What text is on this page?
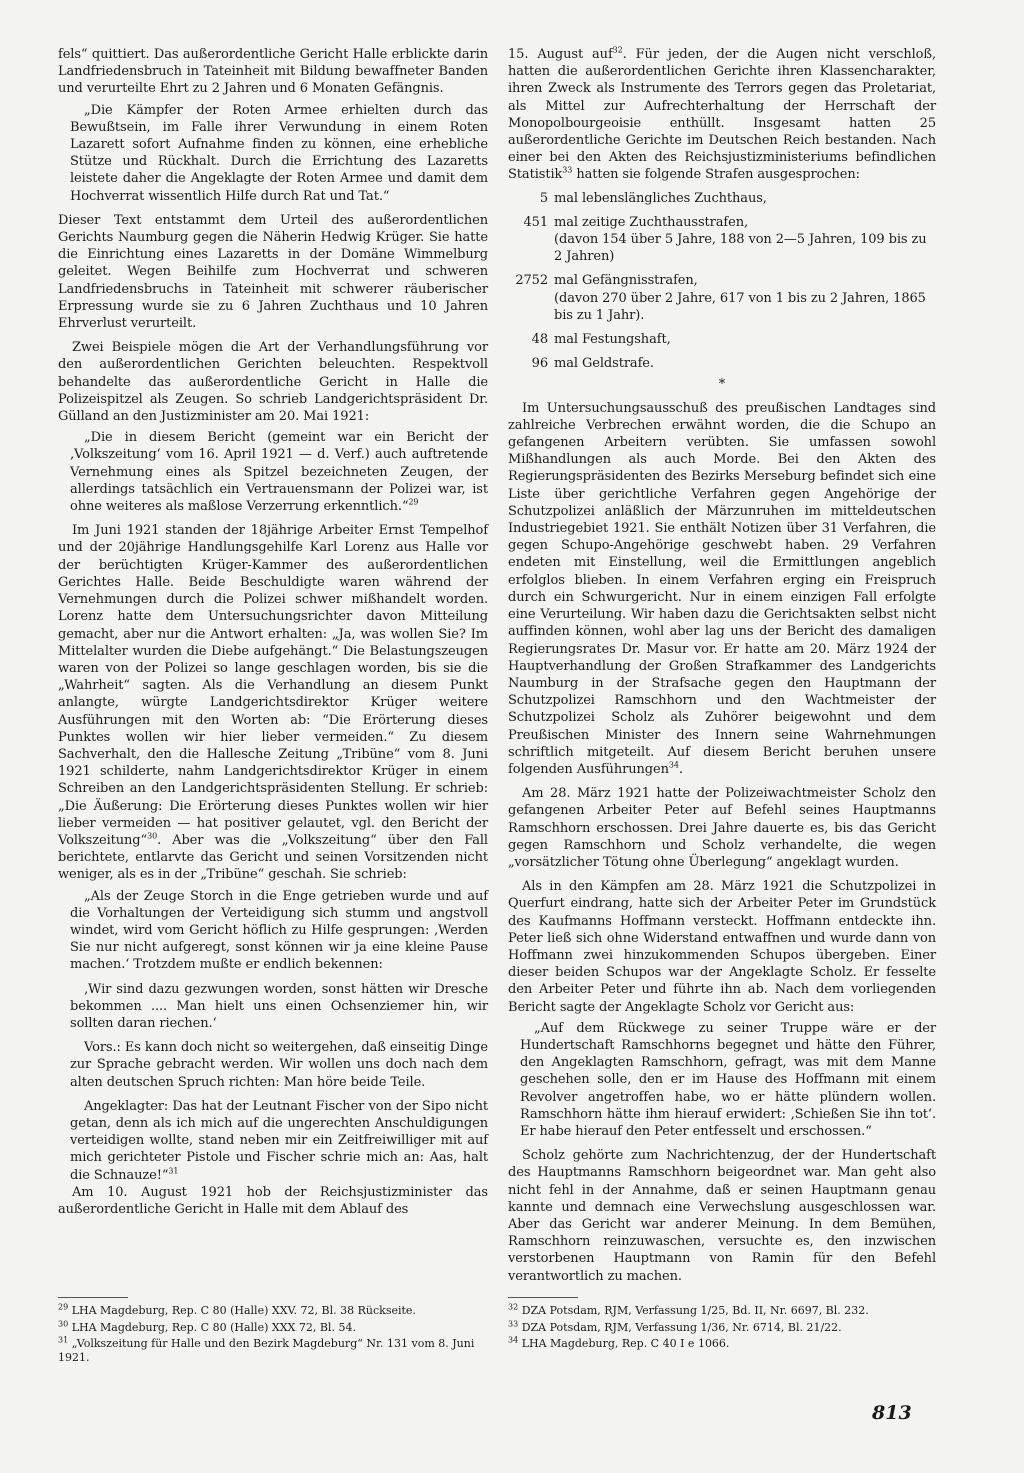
fels“ quittiert. Das außerordentliche Gericht Halle erblickte darin Landfriedensbruch in Tateinheit mit Bildung bewaffneter Banden und verurteilte Ehrt zu 2 Jahren und 6 Monaten Gefängnis.

„Die Kämpfer der Roten Armee erhielten durch das Bewußtsein, im Falle ihrer Verwundung in einem Roten Lazarett sofort Aufnahme finden zu können, eine erhebliche Stütze und Rückhalt. Durch die Errichtung des Lazaretts leistete daher die Angeklagte der Roten Armee und damit dem Hochverrat wissentlich Hilfe durch Rat und Tat.“

Dieser Text entstammt dem Urteil des außerordentlichen Gerichts Naumburg gegen die Näherin Hedwig Krüger. Sie hatte die Einrichtung eines Lazaretts in der Domäne Wimmelburg geleitet. Wegen Beihilfe zum Hochverrat und schweren Landfriedensbruchs in Tateinheit mit schwerer räuberischer Erpressung wurde sie zu 6 Jahren Zuchthaus und 10 Jahren Ehrverlust verurteilt.

Zwei Beispiele mögen die Art der Verhandlungsführung vor den außerordentlichen Gerichten beleuchten. Respektvoll behandelte das außerordentliche Gericht in Halle die Polizeispitzel als Zeugen. So schrieb Landgerichtspräsident Dr. Gülland an den Justizminister am 20. Mai 1921:

„Die in diesem Bericht (gemeint war ein Bericht der ‚Volkszeitung‘ vom 16. April 1921 — d. Verf.) auch auftretende Vernehmung eines als Spitzel bezeichneten Zeugen, der allerdings tatsächlich ein Vertrauensmann der Polizei war, ist ohne weiteres als maßlose Verzerrung erkenntlich.“$^{29}$

Im Juni 1921 standen der 18jährige Arbeiter Ernst Tempelhof und der 20jährige Handlungsgehilfe Karl Lorenz aus Halle vor der berüchtigten Krüger-Kammer des außerordentlichen Gerichtes Halle. Beide Beschuldigte waren während der Vernehmungen durch die Polizei schwer mißhandelt worden. Lorenz hatte dem Untersuchungsrichter davon Mitteilung gemacht, aber nur die Antwort erhalten: „Ja, was wollen Sie? Im Mittelalter wurden die Diebe aufgehängt.“ Die Belastungszeugen waren von der Polizei so lange geschlagen worden, bis sie die „Wahrheit“ sagten. Als die Verhandlung an diesem Punkt anlangte, würgte Landgerichtsdirektor Krüger weitere Ausführungen mit den Worten ab: “Die Erörterung dieses Punktes wollen wir hier lieber vermeiden.“ Zu diesem Sachverhalt, den die Hallesche Zeitung „Tribüne“ vom 8. Juni 1921 schilderte, nahm Landgerichtsdirektor Krüger in einem Schreiben an den Landgerichtspräsidenten Stellung. Er schrieb: „Die Äußerung: Die Erörterung dieses Punktes wollen wir hier lieber vermeiden — hat positiver gelautet, vgl. den Bericht der Volkszeitung“$^{30}$. Aber was die „Volkszeitung“ über den Fall berichtete, entlarvte das Gericht und seinen Vorsitzenden nicht weniger, als es in der „Tribüne“ geschah. Sie schrieb:

„Als der Zeuge Storch in die Enge getrieben wurde und auf die Vorhaltungen der Verteidigung sich stumm und angstvoll windet, wird vom Gericht höflich zu Hilfe gesprungen: ‚Werden Sie nur nicht aufgeregt, sonst können wir ja eine kleine Pause machen.‘ Trotzdem mußte er endlich bekennen:

‚Wir sind dazu gezwungen worden, sonst hätten wir Dresche bekommen .... Man hielt uns einen Ochsenziemer hin, wir sollten daran riechen.‘

Vors.: Es kann doch nicht so weitergehen, daß einseitig Dinge zur Sprache gebracht werden. Wir wollen uns doch nach dem alten deutschen Spruch richten: Man höre beide Teile.

Angeklagter: Das hat der Leutnant Fischer von der Sipo nicht getan, denn als ich mich auf die ungerechten Anschuldigungen verteidigen wollte, stand neben mir ein Zeitfreiwilliger mit auf mich gerichteter Pistole und Fischer schrie mich an: Aas, halt die Schnauze!“$^{31}$

Am 10. August 1921 hob der Reichsjustizminister das außerordentliche Gericht in Halle mit dem Ablauf des

15. August auf$^{32}$. Für jeden, der die Augen nicht verschloß, hatten die außerordentlichen Gerichte ihren Klassencharakter, ihren Zweck als Instrumente des Terrors gegen das Proletariat, als Mittel zur Aufrechterhaltung der Herrschaft der Monopolbourgeoisie enthüllt. Insgesamt hatten 25 außerordentliche Gerichte im Deutschen Reich bestanden. Nach einer bei den Akten des Reichsjustizministeriums befindlichen Statistik$^{33}$ hatten sie folgende Strafen ausgesprochen:

5 mal lebenslängliches Zuchthaus,
451 mal zeitige Zuchthausstrafen,
(davon 154 über 5 Jahre, 188 von 2—5 Jahren, 109 bis zu 2 Jahren)
2752 mal Gefängnisstrafen,
(davon 270 über 2 Jahre, 617 von 1 bis zu 2 Jahren, 1865 bis zu 1 Jahr).
48 mal Festungshaft,
96 mal Geldstrafe.
*

Im Untersuchungsausschuß des preußischen Landtages sind zahlreiche Verbrechen erwähnt worden, die die Schupo an gefangenen Arbeitern verübten. Sie umfassen sowohl Mißhandlungen als auch Morde. Bei den Akten des Regierungspräsidenten des Bezirks Merseburg befindet sich eine Liste über gerichtliche Verfahren gegen Angehörige der Schutzpolizei anläßlich der Märzunruhen im mitteldeutschen Industriegebiet 1921. Sie enthält Notizen über 31 Verfahren, die gegen Schupo-Angehörige geschwebt haben. 29 Verfahren endeten mit Einstellung, weil die Ermittlungen angeblich erfolglos blieben. In einem Verfahren erging ein Freispruch durch ein Schwurgericht. Nur in einem einzigen Fall erfolgte eine Verurteilung. Wir haben dazu die Gerichtsakten selbst nicht auffinden können, wohl aber lag uns der Bericht des damaligen Regierungsrates Dr. Masur vor. Er hatte am 20. März 1924 der Hauptverhandlung der Großen Strafkammer des Landgerichts Naumburg in der Strafsache gegen den Hauptmann der Schutzpolizei Ramschhorn und den Wachtmeister der Schutzpolizei Scholz als Zuhörer beigewohnt und dem Preußischen Minister des Innern seine Wahrnehmungen schriftlich mitgeteilt. Auf diesem Bericht beruhen unsere folgenden Ausführungen$^{34}$.

Am 28. März 1921 hatte der Polizeiwachtmeister Scholz den gefangenen Arbeiter Peter auf Befehl seines Hauptmanns Ramschhorn erschossen. Drei Jahre dauerte es, bis das Gericht gegen Ramschhorn und Scholz verhandelte, die wegen „vorsätzlicher Tötung ohne Überlegung“ angeklagt wurden.

Als in den Kämpfen am 28. März 1921 die Schutzpolizei in Querfurt eindrang, hatte sich der Arbeiter Peter im Grundstück des Kaufmanns Hoffmann versteckt. Hoffmann entdeckte ihn. Peter ließ sich ohne Widerstand entwaffnen und wurde dann von Hoffmann zwei hinzukommenden Schupos übergeben. Einer dieser beiden Schupos war der Angeklagte Scholz. Er fesselte den Arbeiter Peter und führte ihn ab. Nach dem vorliegenden Bericht sagte der Angeklagte Scholz vor Gericht aus:

„Auf dem Rückwege zu seiner Truppe wäre er der Hundertschaft Ramschhorns begegnet und hätte den Führer, den Angeklagten Ramschhorn, gefragt, was mit dem Manne geschehen solle, den er im Hause des Hoffmann mit einem Revolver angetroffen habe, wo er hätte plündern wollen. Ramschhorn hätte ihm hierauf erwidert: ‚Schießen Sie ihn tot‘. Er habe hierauf den Peter entfesselt und erschossen.“

Scholz gehörte zum Nachrichtenzug, der der Hundertschaft des Hauptmanns Ramschhorn beigeordnet war. Man geht also nicht fehl in der Annahme, daß er seinen Hauptmann genau kannte und demnach eine Verwechslung ausgeschlossen war. Aber das Gericht war anderer Meinung. In dem Bemühen, Ramschhorn reinzuwaschen, versuchte es, den inzwischen verstorbenen Hauptmann von Ramin für den Befehl verantwortlich zu machen.

$^{29}$ LHA Magdeburg, Rep. C 80 (Halle) XXV. 72, Bl. 38 Rückseite.

$^{30}$ LHA Magdeburg, Rep. C 80 (Halle) XXX 72, Bl. 54.

$^{31}$ „Volkszeitung für Halle und den Bezirk Magdeburg“ Nr. 131 vom 8. Juni 1921.

$^{32}$ DZA Potsdam, RJM, Verfassung 1/25, Bd. II, Nr. 6697, Bl. 232.

$^{33}$ DZA Potsdam, RJM, Verfassung 1/36, Nr. 6714, Bl. 21/22.

$^{34}$ LHA Magdeburg, Rep. C 40 I e 1066.

813
